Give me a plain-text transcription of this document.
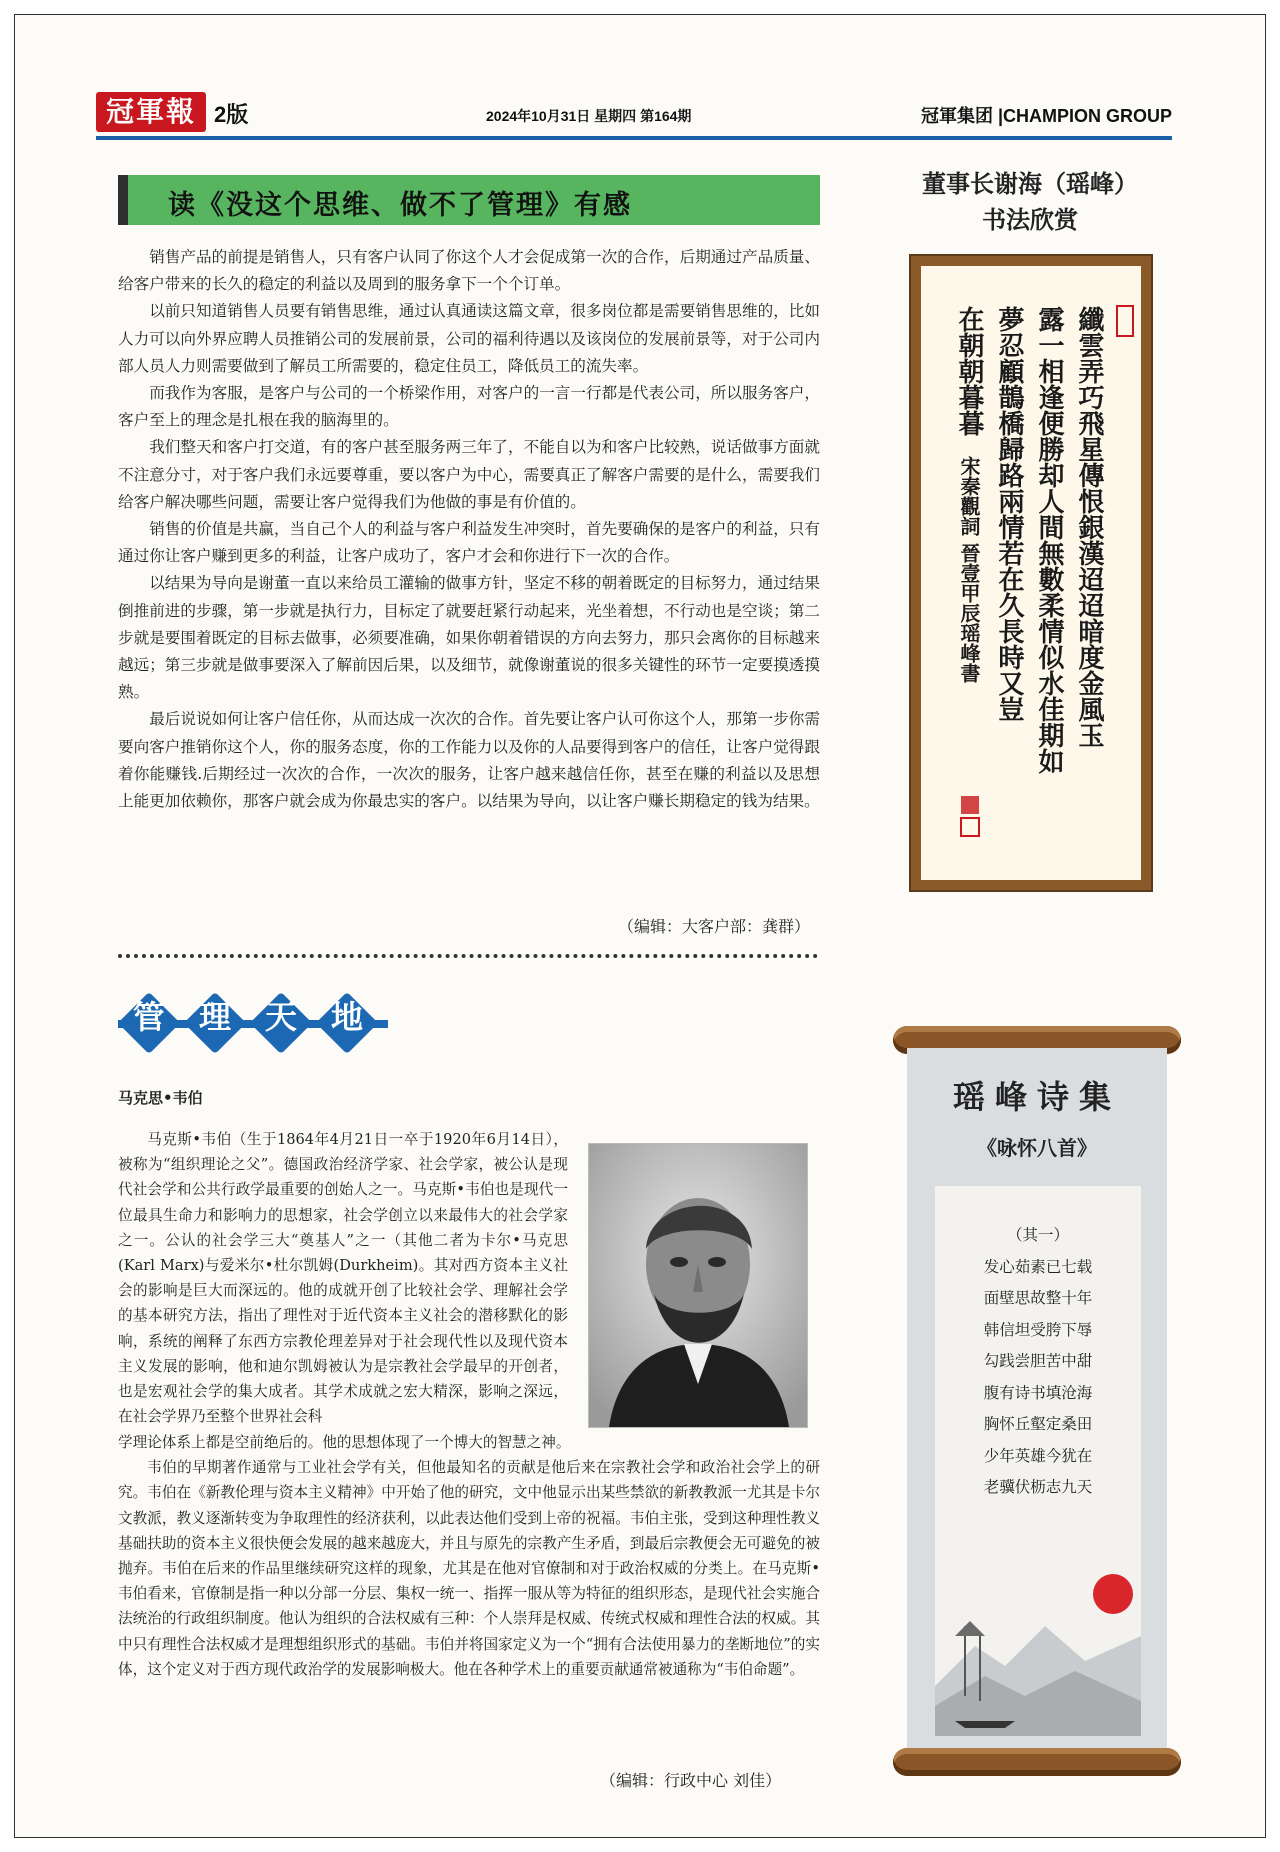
冠軍報 2版	2024年10月31日 星期四 第164期	冠軍集团 |CHAMPION GROUP
读《没这个思维、做不了管理》有感

销售产品的前提是销售人，只有客户认同了你这个人才会促成第一次的合作，后期通过产品质量、给客户带来的长久的稳定的利益以及周到的服务拿下一个个订单。

以前只知道销售人员要有销售思维，通过认真通读这篇文章，很多岗位都是需要销售思维的，比如人力可以向外界应聘人员推销公司的发展前景，公司的福利待遇以及该岗位的发展前景等，对于公司内部人员人力则需要做到了解员工所需要的，稳定住员工，降低员工的流失率。

而我作为客服，是客户与公司的一个桥梁作用，对客户的一言一行都是代表公司，所以服务客户，客户至上的理念是扎根在我的脑海里的。

我们整天和客户打交道，有的客户甚至服务两三年了，不能自以为和客户比较熟，说话做事方面就不注意分寸，对于客户我们永远要尊重，要以客户为中心，需要真正了解客户需要的是什么，需要我们给客户解决哪些问题，需要让客户觉得我们为他做的事是有价值的。

销售的价值是共赢，当自己个人的利益与客户利益发生冲突时，首先要确保的是客户的利益，只有通过你让客户赚到更多的利益，让客户成功了，客户才会和你进行下一次的合作。

以结果为导向是谢董一直以来给员工灌输的做事方针，坚定不移的朝着既定的目标努力，通过结果倒推前进的步骤，第一步就是执行力，目标定了就要赶紧行动起来，光坐着想，不行动也是空谈；第二步就是要围着既定的目标去做事，必须要准确，如果你朝着错误的方向去努力，那只会离你的目标越来越远；第三步就是做事要深入了解前因后果，以及细节，就像谢董说的很多关键性的环节一定要摸透摸熟。

最后说说如何让客户信任你，从而达成一次次的合作。首先要让客户认可你这个人，那第一步你需要向客户推销你这个人，你的服务态度，你的工作能力以及你的人品要得到客户的信任，让客户觉得跟着你能赚钱.后期经过一次次的合作，一次次的服务，让客户越来越信任你，甚至在赚的利益以及思想上能更加依赖你，那客户就会成为你最忠实的客户。以结果为导向，以让客户赚长期稳定的钱为结果。

（编辑：大客户部：龚群）
管	理	天	地
马克思•韦伯

马克斯•韦伯（生于1864年4月21日一卒于1920年6月14日），被称为“组织理论之父”。德国政治经济学家、社会学家，被公认是现代社会学和公共行政学最重要的创始人之一。马克斯•韦伯也是现代一位最具生命力和影响力的思想家，社会学创立以来最伟大的社会学家之一。公认的社会学三大“奠基人”之一（其他二者为卡尔•马克思(Karl Marx)与爱米尔•杜尔凯姆(Durkheim)。其对西方资本主义社会的影响是巨大而深远的。他的成就开创了比较社会学、理解社会学的基本研究方法，指出了理性对于近代资本主义社会的潜移默化的影响，系统的阐释了东西方宗教伦理差异对于社会现代性以及现代资本主义发展的影响，他和迪尔凯姆被认为是宗教社会学最早的开创者，也是宏观社会学的集大成者。其学术成就之宏大精深，影响之深远，在社会学界乃至整个世界社会科

学理论体系上都是空前绝后的。他的思想体现了一个博大的智慧之神。

韦伯的早期著作通常与工业社会学有关，但他最知名的贡献是他后来在宗教社会学和政治社会学上的研究。韦伯在《新教伦理与资本主义精神》中开始了他的研究，文中他显示出某些禁欲的新教教派一尤其是卡尔文教派，教义逐渐转变为争取理性的经济获利，以此表达他们受到上帝的祝福。韦伯主张，受到这种理性教义基础扶助的资本主义很快便会发展的越来越庞大，并且与原先的宗教产生矛盾，到最后宗教便会无可避免的被抛弃。韦伯在后来的作品里继续研究这样的现象，尤其是在他对官僚制和对于政治权威的分类上。在马克斯•韦伯看来，官僚制是指一种以分部一分层、集权一统一、指挥一服从等为特征的组织形态，是现代社会实施合法统治的行政组织制度。他认为组织的合法权威有三种：个人崇拜是权威、传统式权威和理性合法的权威。其中只有理性合法权威才是理想组织形式的基础。韦伯并将国家定义为一个“拥有合法使用暴力的垄断地位”的实体，这个定义对于西方现代政治学的发展影响极大。他在各种学术上的重要贡献通常被通称为“韦伯命题”。

（编辑：行政中心 刘佳）
董事长谢海（瑶峰）
书法欣赏
纖雲弄巧飛星傳恨銀漢迢迢暗度金風玉
露一相逢便勝却人間無數柔情似水佳期如
夢忍顧鵲橋歸路兩情若在久長時又豈
在朝朝暮暮
宋秦觀詞 晉壹甲辰瑶峰書
瑶峰诗集
《咏怀八首》
（其一）
发心茹素已七载
面壁思故整十年
韩信坦受胯下辱
勾践尝胆苦中甜
腹有诗书填沧海
胸怀丘壑定桑田
少年英雄今犹在
老骥伏枥志九天
